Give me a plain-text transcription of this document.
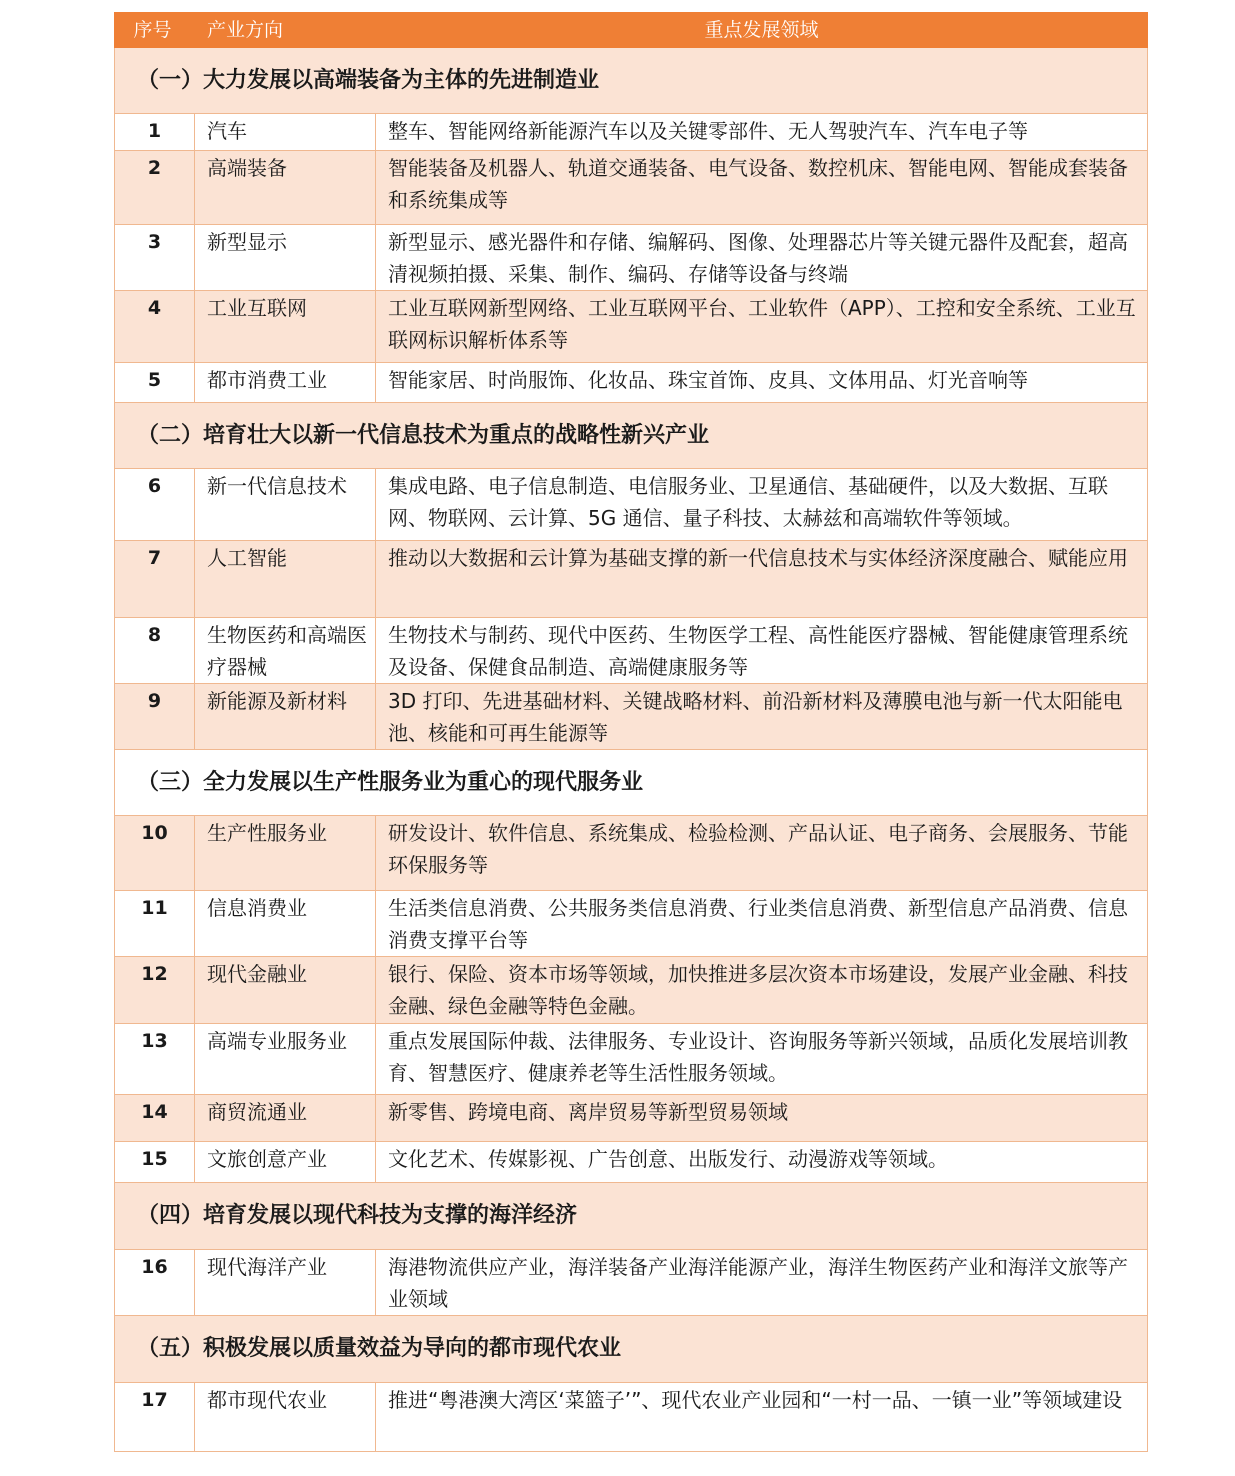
序号	产业方向	重点发展领域
（一）大力发展以高端装备为主体的先进制造业		
1	汽车	整车、智能网络新能源汽车以及关键零部件、无人驾驶汽车、汽车电子等
2	高端装备	智能装备及机器人、轨道交通装备、电气设备、数控机床、智能电网、智能成套装备和系统集成等
3	新型显示	新型显示、感光器件和存储、编解码、图像、处理器芯片等关键元器件及配套，超高清视频拍摄、采集、制作、编码、存储等设备与终端
4	工业互联网	工业互联网新型网络、工业互联网平台、工业软件（APP）、工控和安全系统、工业互联网标识解析体系等
5	都市消费工业	智能家居、时尚服饰、化妆品、珠宝首饰、皮具、文体用品、灯光音响等
（二）培育壮大以新一代信息技术为重点的战略性新兴产业		
6	新一代信息技术	集成电路、电子信息制造、电信服务业、卫星通信、基础硬件，以及大数据、互联网、物联网、云计算、5G 通信、量子科技、太赫兹和高端软件等领域。
7	人工智能	推动以大数据和云计算为基础支撑的新一代信息技术与实体经济深度融合、赋能应用
8	生物医药和高端医疗器械	生物技术与制药、现代中医药、生物医学工程、高性能医疗器械、智能健康管理系统及设备、保健食品制造、高端健康服务等
9	新能源及新材料	3D 打印、先进基础材料、关键战略材料、前沿新材料及薄膜电池与新一代太阳能电池、核能和可再生能源等
（三）全力发展以生产性服务业为重心的现代服务业		
10	生产性服务业	研发设计、软件信息、系统集成、检验检测、产品认证、电子商务、会展服务、节能环保服务等
11	信息消费业	生活类信息消费、公共服务类信息消费、行业类信息消费、新型信息产品消费、信息消费支撑平台等
12	现代金融业	银行、保险、资本市场等领域，加快推进多层次资本市场建设，发展产业金融、科技金融、绿色金融等特色金融。
13	高端专业服务业	重点发展国际仲裁、法律服务、专业设计、咨询服务等新兴领域，品质化发展培训教育、智慧医疗、健康养老等生活性服务领域。
14	商贸流通业	新零售、跨境电商、离岸贸易等新型贸易领域
15	文旅创意产业	文化艺术、传媒影视、广告创意、出版发行、动漫游戏等领域。
（四）培育发展以现代科技为支撑的海洋经济		
16	现代海洋产业	海港物流供应产业，海洋装备产业海洋能源产业，海洋生物医药产业和海洋文旅等产业领域
（五）积极发展以质量效益为导向的都市现代农业		
17	都市现代农业	推进“粤港澳大湾区‘菜篮子’”、现代农业产业园和“一村一品、一镇一业”等领域建设
